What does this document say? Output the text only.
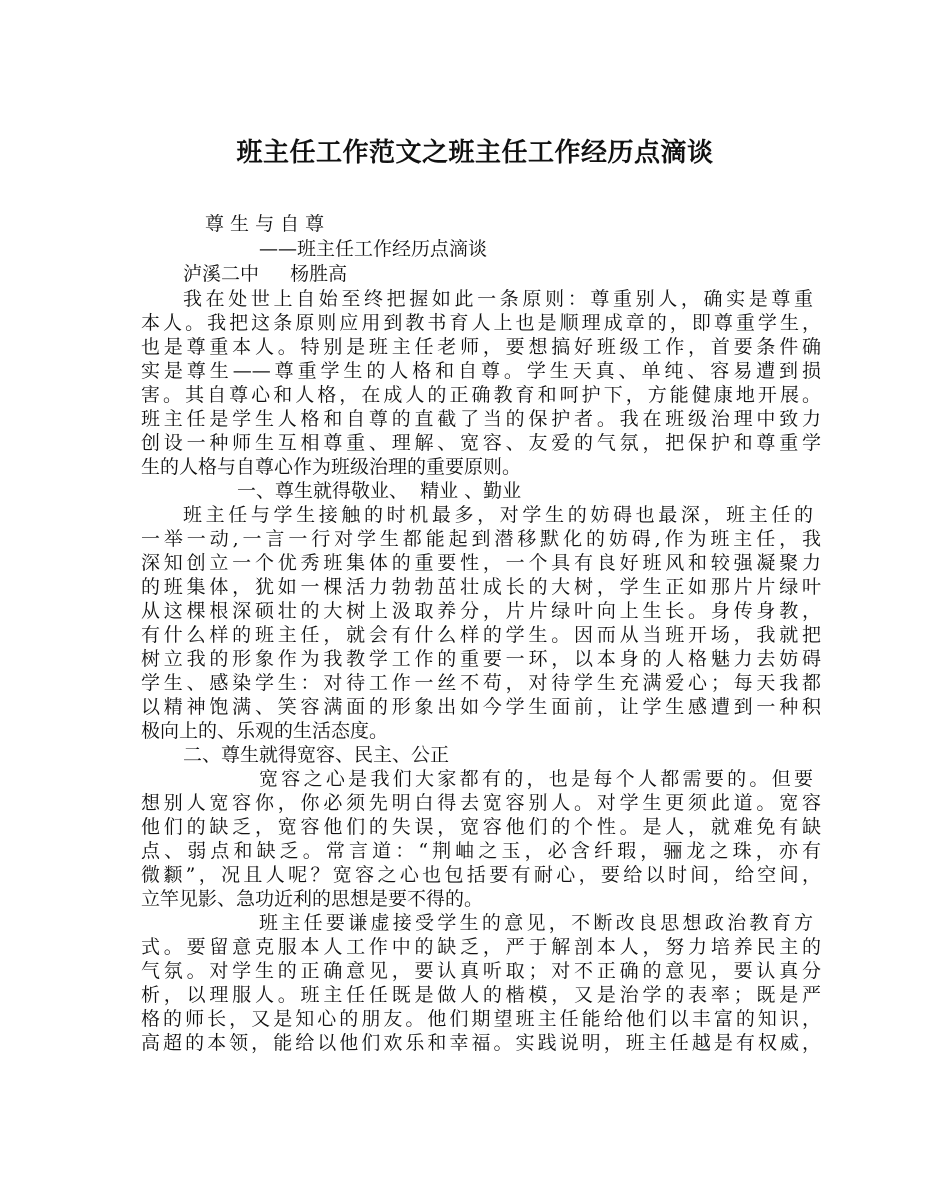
班主任工作范文之班主任工作经历点滴谈
尊 生 与 自 尊
——班主任工作经历点滴谈
泸溪二中　  杨胜高
我在处世上自始至终把握如此一条原则：尊重别人，确实是尊重
本人。我把这条原则应用到教书育人上也是顺理成章的，即尊重学生，
也是尊重本人。特别是班主任老师，要想搞好班级工作，首要条件确
实是尊生——尊重学生的人格和自尊。学生天真、单纯、容易遭到损
害。其自尊心和人格，在成人的正确教育和呵护下，方能健康地开展。
班主任是学生人格和自尊的直截了当的保护者。我在班级治理中致力
创设一种师生互相尊重、理解、宽容、友爱的气氛，把保护和尊重学
生的人格与自尊心作为班级治理的重要原则。
一、尊生就得敬业、  精业 、勤业
班主任与学生接触的时机最多，对学生的妨碍也最深，班主任的
一举一动,一言一行对学生都能起到潜移默化的妨碍,作为班主任，我
深知创立一个优秀班集体的重要性，一个具有良好班风和较强凝聚力
的班集体，犹如一棵活力勃勃茁壮成长的大树，学生正如那片片绿叶
从这棵根深硕壮的大树上汲取养分，片片绿叶向上生长。身传身教，
有什么样的班主任，就会有什么样的学生。因而从当班开场，我就把
树立我的形象作为我教学工作的重要一环，以本身的人格魅力去妨碍
学生、感染学生：对待工作一丝不苟，对待学生充满爱心；每天我都
以精神饱满、笑容满面的形象出如今学生面前，让学生感遭到一种积
极向上的、乐观的生活态度。
二、尊生就得宽容、民主、公正
宽容之心是我们大家都有的，也是每个人都需要的。但要
想别人宽容你，你必须先明白得去宽容别人。对学生更须此道。宽容
他们的缺乏，宽容他们的失误，宽容他们的个性。是人，就难免有缺
点、弱点和缺乏。常言道：“荆岫之玉，必含纤瑕，骊龙之珠，亦有
微颣”，况且人呢？宽容之心也包括要有耐心，要给以时间，给空间，
立竿见影、急功近利的思想是要不得的。
班主任要谦虚接受学生的意见，不断改良思想政治教育方
式。要留意克服本人工作中的缺乏，严于解剖本人，努力培养民主的
气氛。对学生的正确意见，要认真听取；对不正确的意见，要认真分
析，以理服人。班主任任既是做人的楷模，又是治学的表率；既是严
格的师长，又是知心的朋友。他们期望班主任能给他们以丰富的知识，
高超的本领，能给以他们欢乐和幸福。实践说明，班主任越是有权威，
